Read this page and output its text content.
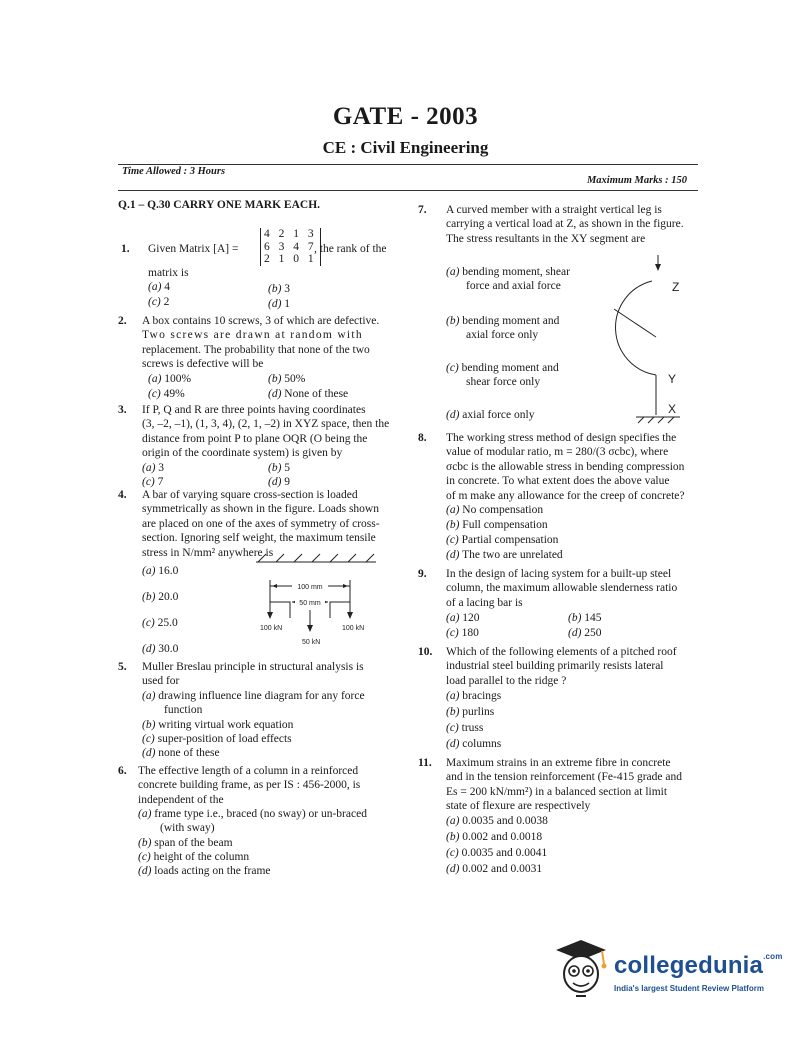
GATE - 2003
CE : Civil Engineering
Time Allowed : 3 Hours
Maximum Marks : 150
Q.1 – Q.30 CARRY ONE MARK EACH.
1. Given Matrix [A] =
4 2 1 3
6 3 4 7
2 1 0 1
, the rank of the
matrix is
(a) 4	(b) 3
(c) 2	(d) 1
2. A box contains 10 screws, 3 of which are defective.
Two screws are drawn at random with
replacement. The probability that none of the two
screws is defective will be
(a) 100%	(b) 50%
(c) 49%	(d) None of these
3. If P, Q and R are three points having coordinates
(3, –2, –1), (1, 3, 4), (2, 1, –2) in XYZ space, then the
distance from point P to plane OQR (O being the
origin of the coordinate system) is given by
(a) 3	(b) 5
(c) 7	(d) 9
4. A bar of varying square cross-section is loaded
symmetrically as shown in the figure. Loads shown
are placed on one of the axes of symmetry of cross-
section. Ignoring self weight, the maximum tensile
stress in N/mm² anywhere is
(a) 16.0
(b) 20.0
(c) 25.0
(d) 30.0
100 mm
50 mm
100 kN	100 kN
50 kN
5. Muller Breslau principle in structural analysis is
used for
(a) drawing influence line diagram for any force
function
(b) writing virtual work equation
(c) super-position of load effects
(d) none of these
6. The effective length of a column in a reinforced
concrete building frame, as per IS : 456-2000, is
independent of the
(a) frame type i.e., braced (no sway) or un-braced
(with sway)
(b) span of the beam
(c) height of the column
(d) loads acting on the frame
7. A curved member with a straight vertical leg is
carrying a vertical load at Z, as shown in the figure.
The stress resultants in the XY segment are
(a) bending moment, shear
force and axial force
(b) bending moment and
axial force only
(c) bending moment and
shear force only
(d) axial force only
Z
Y
X
8. The working stress method of design specifies the
value of modular ratio, m = 280/(3 σcbc), where
σcbc is the allowable stress in bending compression
in concrete. To what extent does the above value
of m make any allowance for the creep of concrete?
(a) No compensation
(b) Full compensation
(c) Partial compensation
(d) The two are unrelated
9. In the design of lacing system for a built-up steel
column, the maximum allowable slenderness ratio
of a lacing bar is
(a) 120	(b) 145
(c) 180	(d) 250
10. Which of the following elements of a pitched roof
industrial steel building primarily resists lateral
load parallel to the ridge ?
(a) bracings
(b) purlins
(c) truss
(d) columns
11. Maximum strains in an extreme fibre in concrete
and in the tension reinforcement (Fe-415 grade and
Es = 200 kN/mm²) in a balanced section at limit
state of flexure are respectively
(a) 0.0035 and 0.0038
(b) 0.002 and 0.0018
(c) 0.0035 and 0.0041
(d) 0.002 and 0.0031
collegedunia$^{.com}$
India's largest Student Review Platform
